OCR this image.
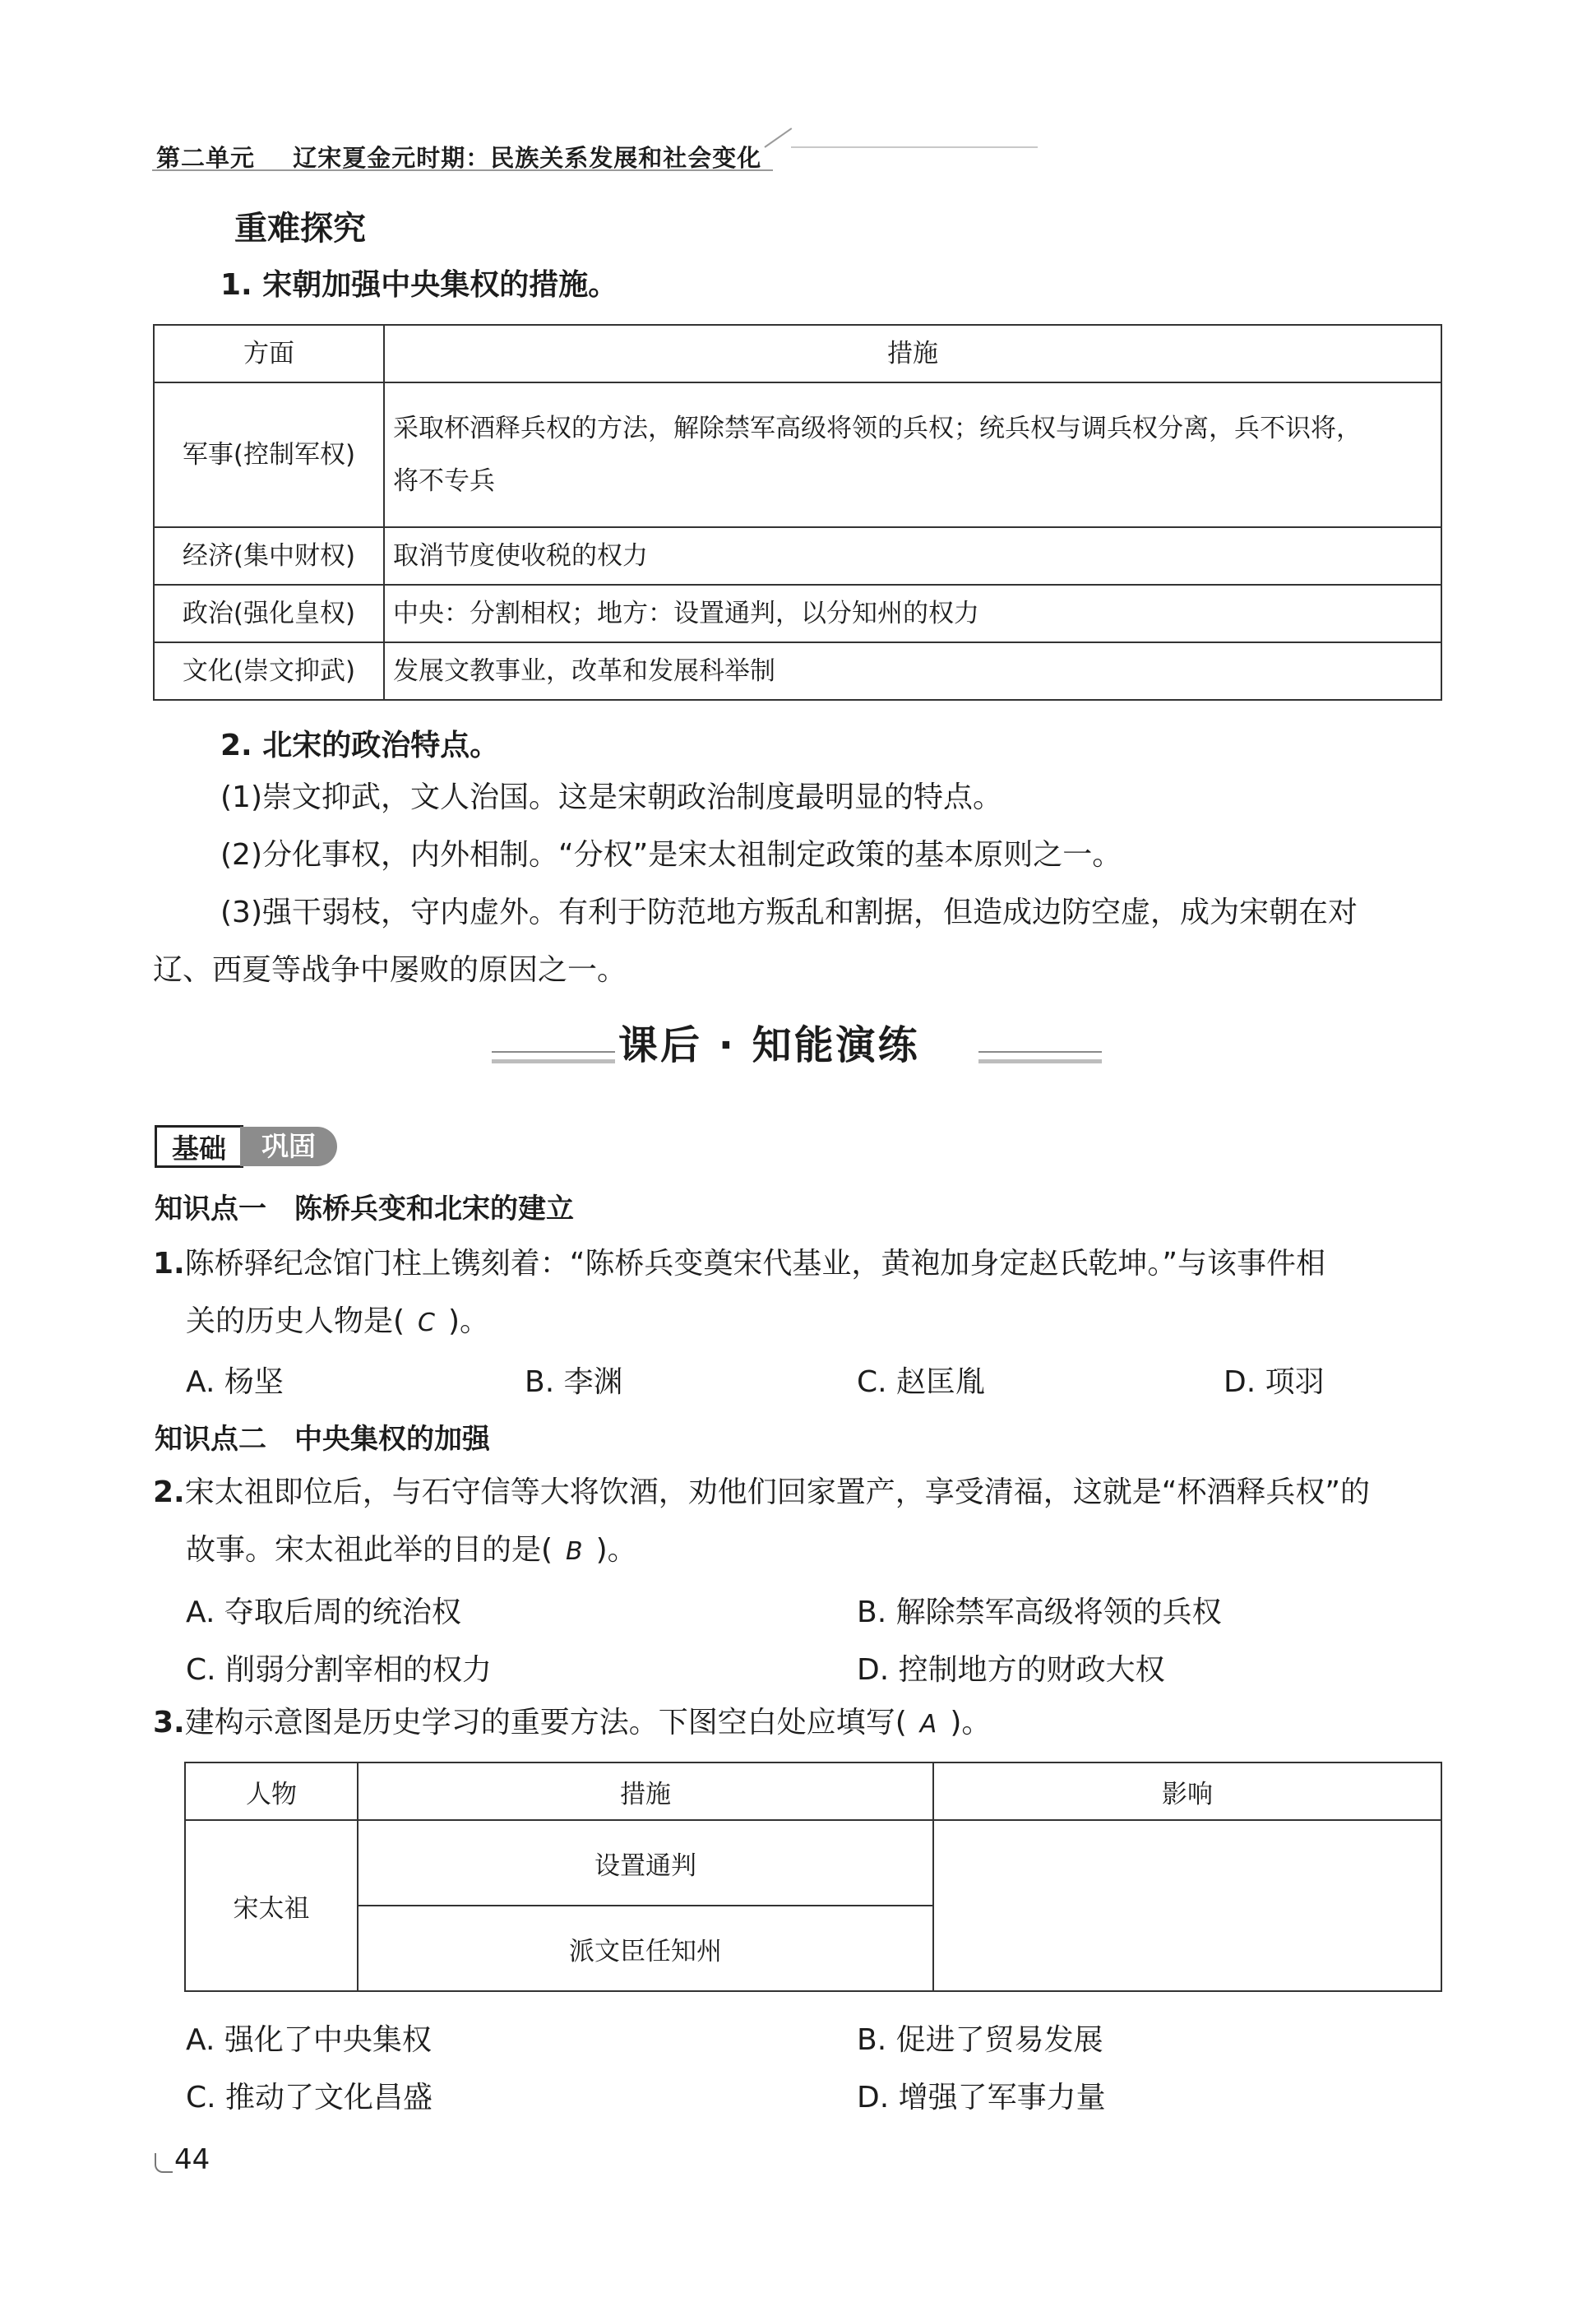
第二单元 辽宋夏金元时期：民族关系发展和社会变化
重难探究
1. 宋朝加强中央集权的措施。
方面	措施
军事(控制军权)	采取杯酒释兵权的方法，解除禁军高级将领的兵权；统兵权与调兵权分离，兵不识将，
将不专兵

经济(集中财权)	取消节度使收税的权力
政治(强化皇权)	中央：分割相权；地方：设置通判，以分知州的权力
文化(崇文抑武)	发展文教事业，改革和发展科举制
2. 北宋的政治特点。
(1)崇文抑武，文人治国。这是宋朝政治制度最明显的特点。
(2)分化事权，内外相制。“分权”是宋太祖制定政策的基本原则之一。
(3)强干弱枝，守内虚外。有利于防范地方叛乱和割据，但造成边防空虚，成为宋朝在对
辽、西夏等战争中屡败的原因之一。
课后 · 知能演练
基础	巩固
知识点一　陈桥兵变和北宋的建立
1.陈桥驿纪念馆门柱上镌刻着：“陈桥兵变奠宋代基业，黄袍加身定赵氏乾坤。”与该事件相
关的历史人物是( C )。
A. 杨坚	B. 李渊	C. 赵匡胤	D. 项羽
知识点二　中央集权的加强
2.宋太祖即位后，与石守信等大将饮酒，劝他们回家置产，享受清福，这就是“杯酒释兵权”的
故事。宋太祖此举的目的是( B )。
A. 夺取后周的统治权	B. 解除禁军高级将领的兵权
C. 削弱分割宰相的权力	D. 控制地方的财政大权
3.建构示意图是历史学习的重要方法。下图空白处应填写( A )。
人物	措施	影响
宋太祖	设置通判	
	派文臣任知州	
A. 强化了中央集权	B. 促进了贸易发展
C. 推动了文化昌盛	D. 增强了军事力量
44
